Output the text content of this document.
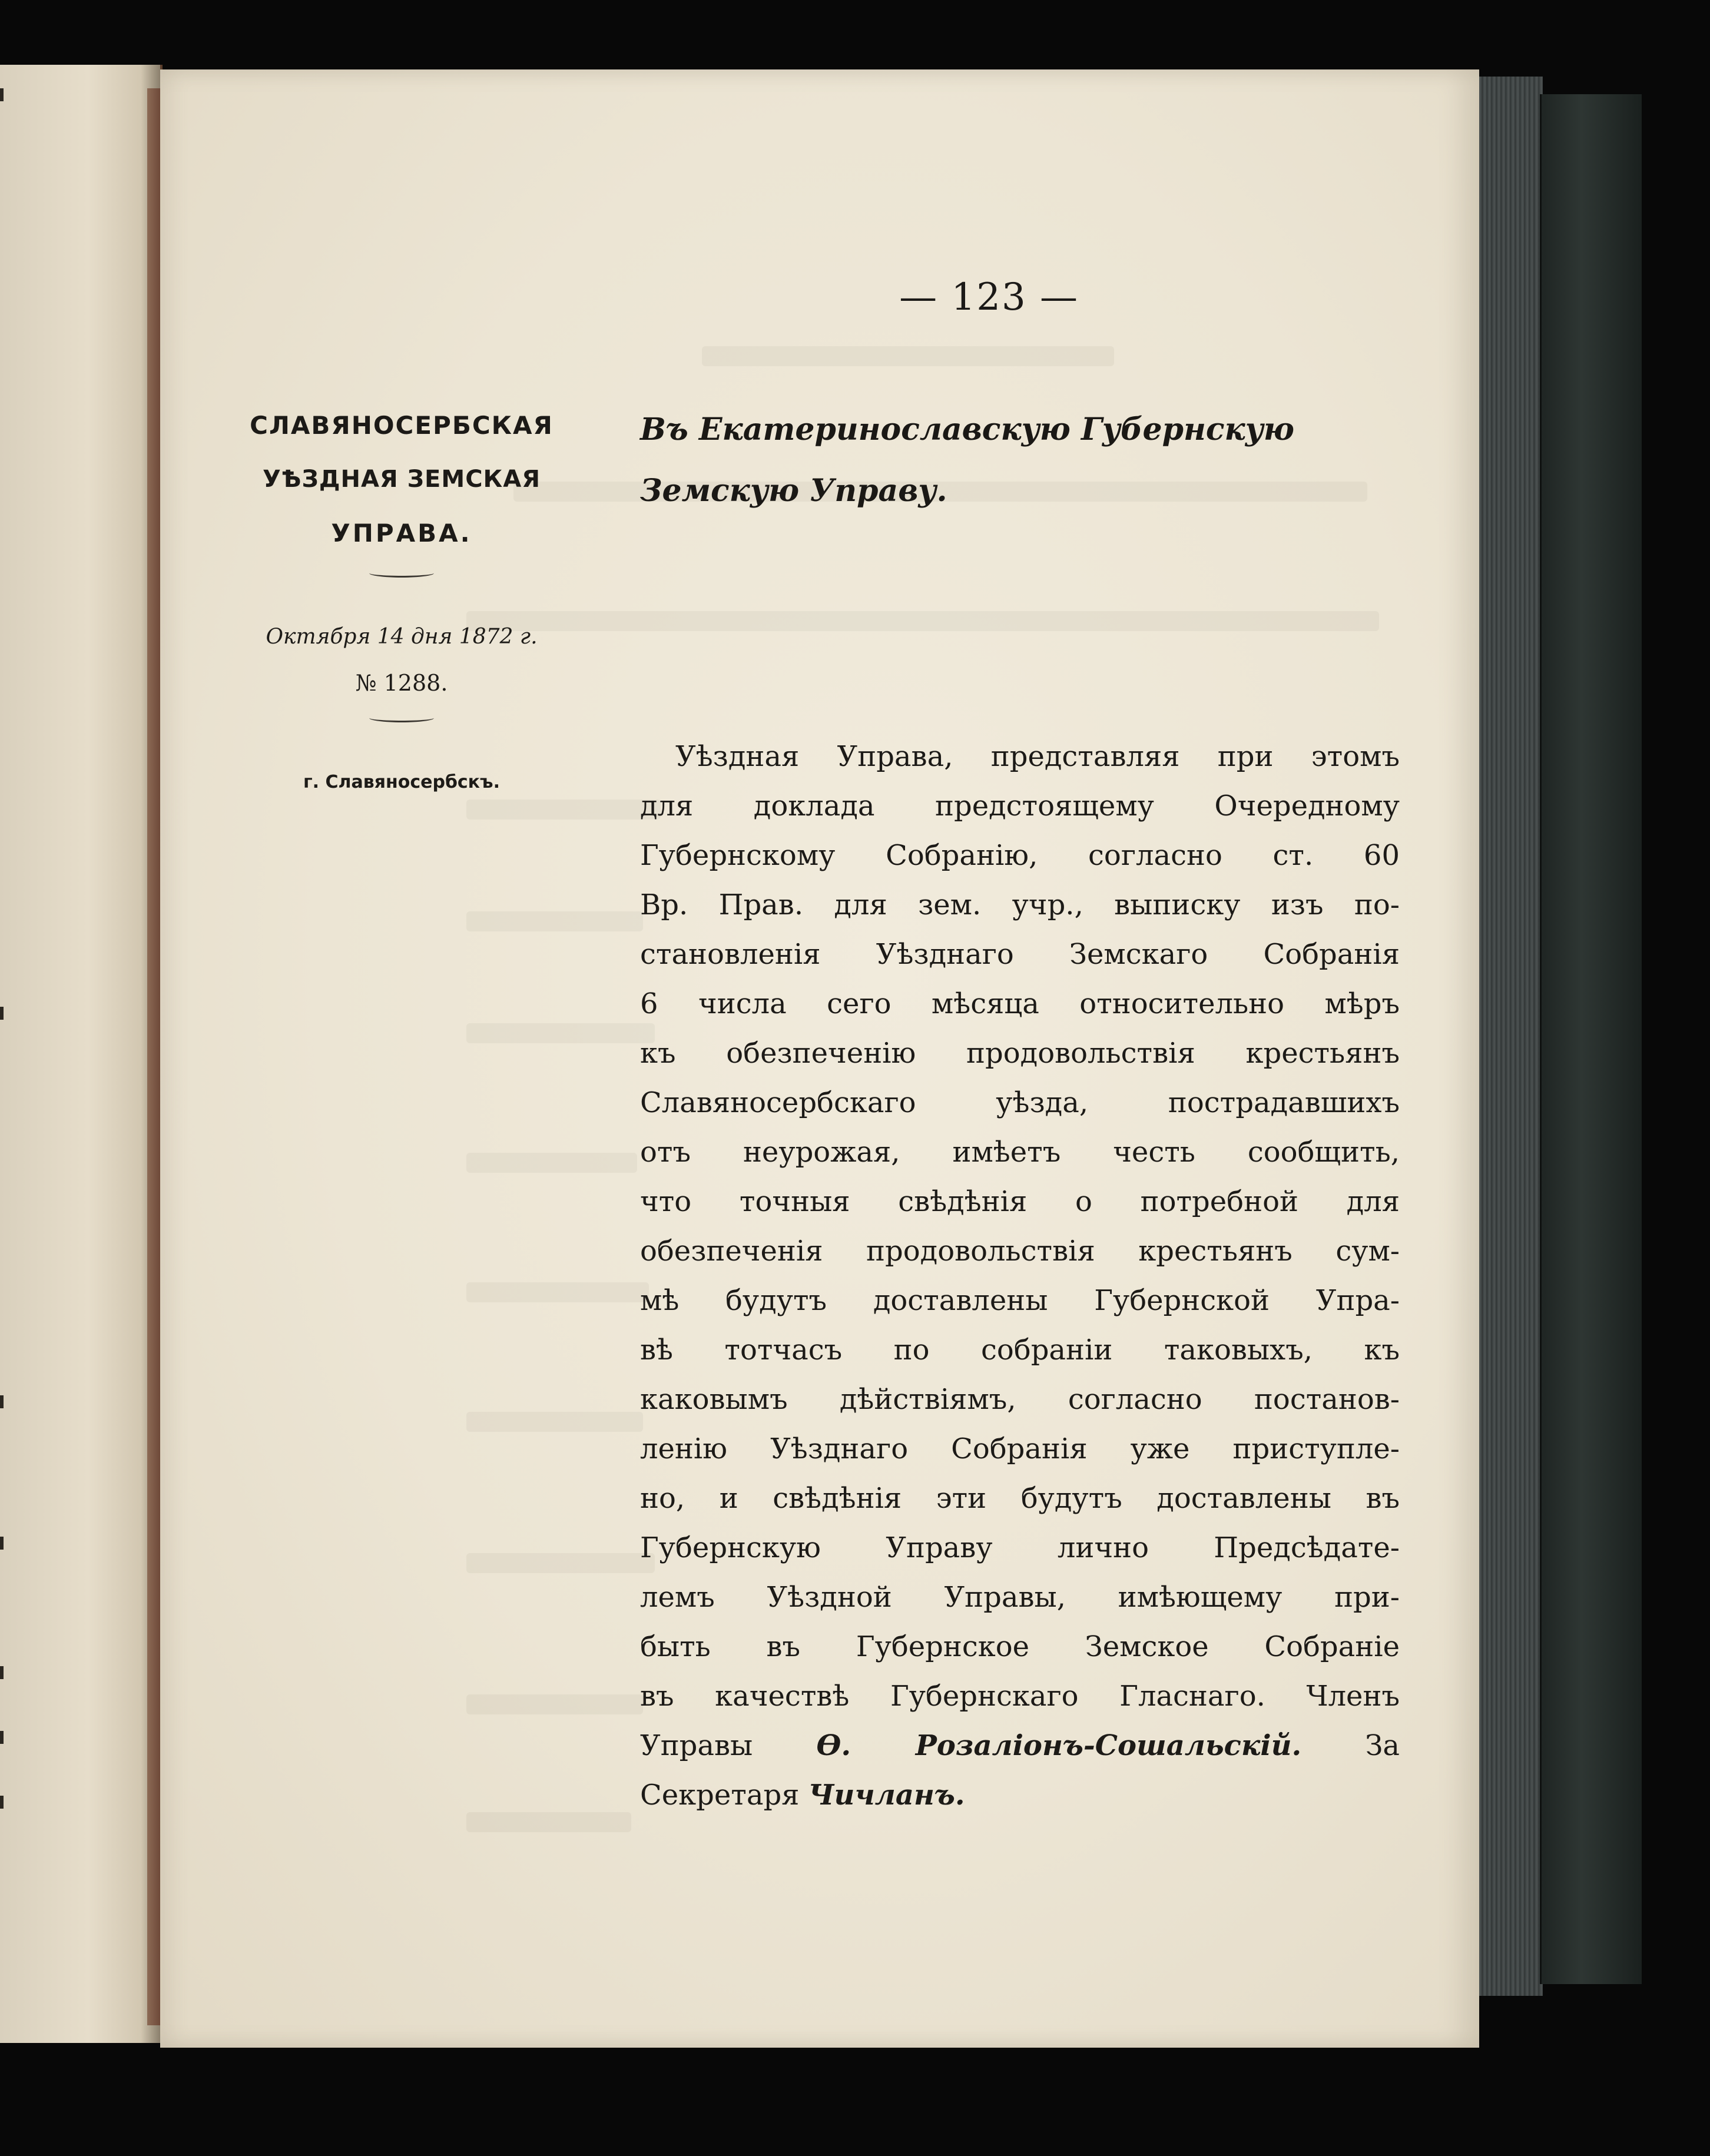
— 123 —
СЛАВЯНОСЕРБСКАЯ
УѢЗДНАЯ ЗЕМСКАЯ
УПРАВА.
Октября 14 дня 1872 г.
№ 1288.
г. Славяносербскъ.
Въ Екатеринославскую Губернскую
Земскую Управу.
Уѣздная Управа, представляя при этомъ
для доклада предстоящему Очередному
Губернскому Собранію, согласно ст. 60
Вр. Прав. для зем. учр., выписку изъ по-
становленія Уѣзднаго Земскаго Собранія
6 числа сего мѣсяца относительно мѣръ
къ обезпеченію продовольствія крестьянъ
Славяносербскаго уѣзда, пострадавшихъ
отъ неурожая, имѣетъ честь сообщить,
что точныя свѣдѣнія о потребной для
обезпеченія продовольствія крестьянъ сум-
мѣ будутъ доставлены Губернской Упра-
вѣ тотчасъ по собраніи таковыхъ, къ
каковымъ дѣйствіямъ, согласно постанов-
ленію Уѣзднаго Собранія уже приступле-
но, и свѣдѣнія эти будутъ доставлены въ
Губернскую Управу лично Предсѣдате-
лемъ Уѣздной Управы, имѣющему при-
быть въ Губернское Земское Собраніе
въ качествѣ Губернскаго Гласнаго. Членъ
Управы Ѳ. Розаліонъ-Сошальскій. За
Секретаря Чичланъ.
